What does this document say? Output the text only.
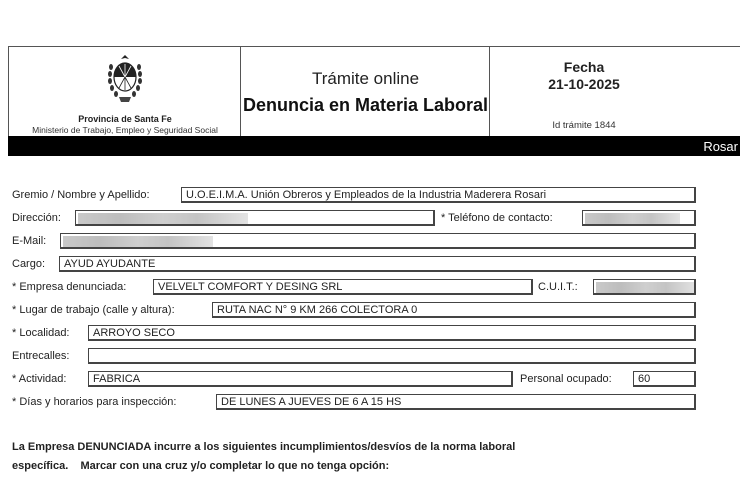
Provincia de Santa Fe
Ministerio de Trabajo, Empleo y Seguridad Social
Trámite online
Denuncia en Materia Laboral
Fecha
21-10-2025
Id trámite 1844
Rosar
Gremio / Nombre y Apellido:	U.O.E.I.M.A. Unión Obreros y Empleados de la Industria Maderera Rosari
Dirección:	* Teléfono de contacto:
E-Mail:
Cargo:	AYUD AYUDANTE
* Empresa denunciada:	VELVELT COMFORT Y DESING SRL	C.U.I.T.:
* Lugar de trabajo (calle y altura):	RUTA NAC N° 9 KM 266 COLECTORA 0
* Localidad:	ARROYO SECO
Entrecalles:
* Actividad:	FABRICA	Personal ocupado:	60
* Días y horarios para inspección:	DE LUNES A JUEVES DE 6 A 15 HS
La Empresa DENUNCIADA incurre a los siguientes incumplimientos/desvíos de la norma laboral
específica.    Marcar con una cruz y/o completar lo que no tenga opción:
